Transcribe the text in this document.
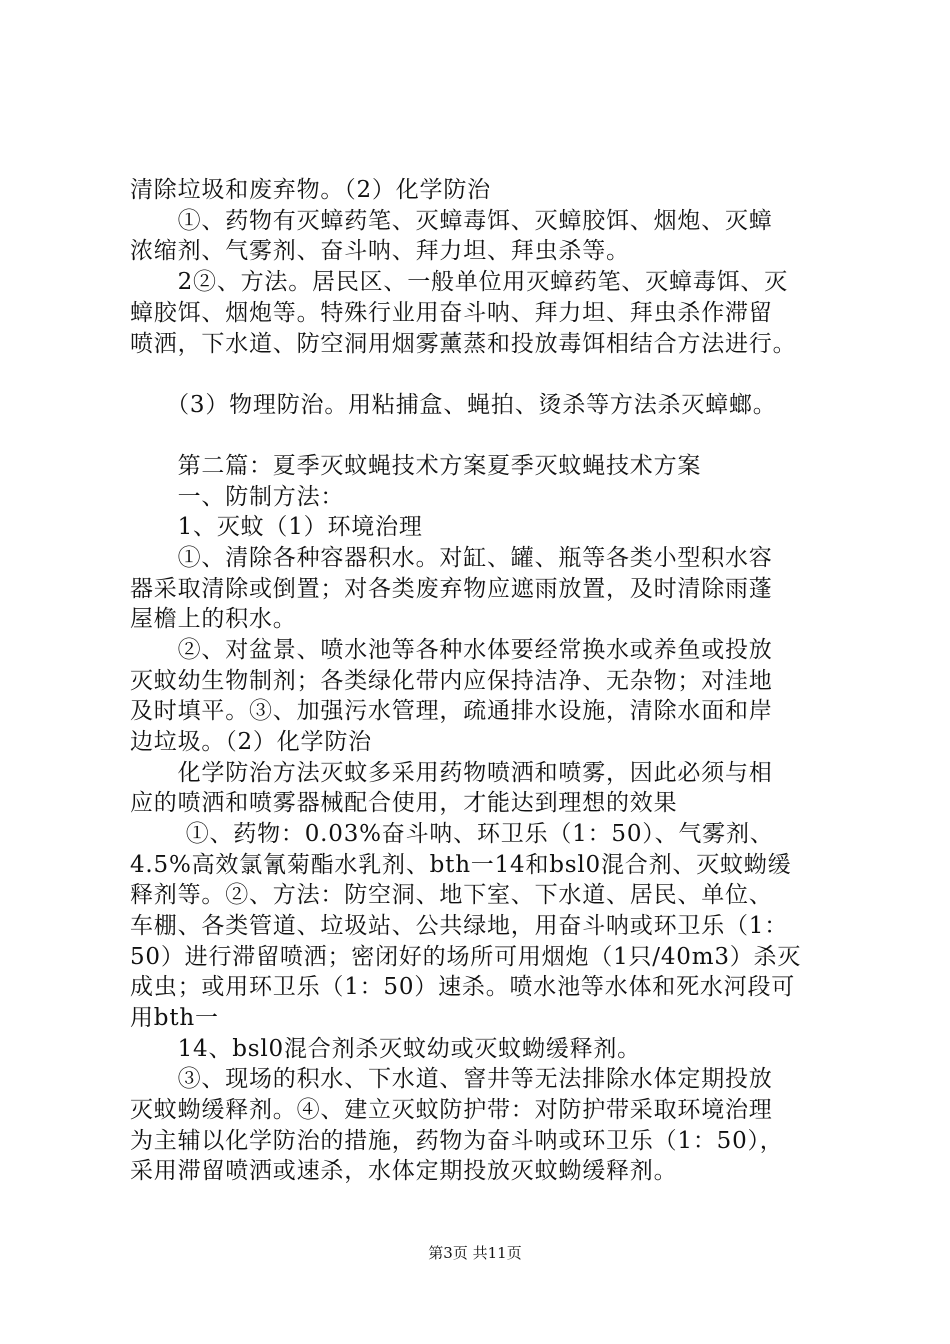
清除垃圾和废弃物。（2）化学防治
　　①、药物有灭蟑药笔、灭蟑毒饵、灭蟑胶饵、烟炮、灭蟑
浓缩剂、气雾剂、奋斗呐、拜力坦、拜虫杀等。
　　2②、方法。居民区、一般单位用灭蟑药笔、灭蟑毒饵、灭
蟑胶饵、烟炮等。特殊行业用奋斗呐、拜力坦、拜虫杀作滞留
喷洒，下水道、防空洞用烟雾薰蒸和投放毒饵相结合方法进行。
　　（3）物理防治。用粘捕盒、蝇拍、烫杀等方法杀灭蟑螂。
　　第二篇：夏季灭蚊蝇技术方案夏季灭蚊蝇技术方案
　　一、防制方法：
　　1、灭蚊（1）环境治理
　　①、清除各种容器积水。对缸、罐、瓶等各类小型积水容
器采取清除或倒置；对各类废弃物应遮雨放置，及时清除雨蓬
屋檐上的积水。
　　②、对盆景、喷水池等各种水体要经常换水或养鱼或投放
灭蚊幼生物制剂；各类绿化带内应保持洁净、无杂物；对洼地
及时填平。③、加强污水管理，疏通排水设施，清除水面和岸
边垃圾。（2）化学防治
　　化学防治方法灭蚊多采用药物喷洒和喷雾，因此必须与相
应的喷洒和喷雾器械配合使用，才能达到理想的效果
　　 ①、药物：0.03%奋斗呐、环卫乐（1：50）、气雾剂、
4.5%高效氯氰菊酯水乳剂、bth一14和bsl0混合剂、灭蚊蚴缓
释剂等。②、方法：防空洞、地下室、下水道、居民、单位、
车棚、各类管道、垃圾站、公共绿地，用奋斗呐或环卫乐（1：
50）进行滞留喷洒；密闭好的场所可用烟炮（1只/40m3）杀灭
成虫；或用环卫乐（1：50）速杀。喷水池等水体和死水河段可
用bth一
　　14、bsl0混合剂杀灭蚊幼或灭蚊蚴缓释剂。
　　③、现场的积水、下水道、窨井等无法排除水体定期投放
灭蚊蚴缓释剂。④、建立灭蚊防护带：对防护带采取环境治理
为主辅以化学防治的措施，药物为奋斗呐或环卫乐（1：50），
采用滞留喷洒或速杀，水体定期投放灭蚊蚴缓释剂。
第3页 共11页
